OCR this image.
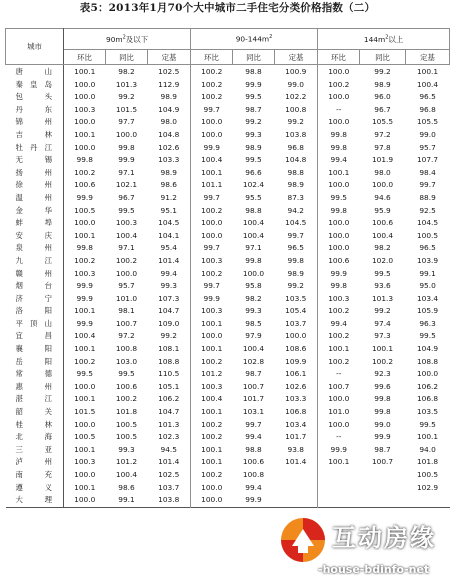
表5：2013年1月70个大中城市二手住宅分类价格指数（二）
城市	$90m^2$及以下			$90-144m^2$			$144m^2$以上		
	环比	同比	定基	环比	同比	定基	环比	同比	定基
唐山	100.1	98.2	102.5	100.2	98.8	100.9	100.0	99.2	100.1
秦皇岛	100.0	101.3	112.9	100.2	99.9	99.0	100.2	98.9	100.4
包头	100.0	99.2	98.9	100.2	99.5	102.2	100.0	96.0	96.5
丹东	100.3	101.5	104.9	99.7	98.7	100.8	--	96.7	96.8
锦州	100.0	97.7	98.0	100.0	99.2	99.2	100.0	105.5	105.5
吉林	100.1	100.0	104.8	100.0	99.3	103.8	99.8	97.2	99.0
牡丹江	100.0	99.8	102.6	99.9	98.9	96.8	99.8	97.8	95.7
无锡	99.8	99.9	103.3	100.4	99.5	104.8	99.4	101.9	107.7
扬州	100.2	97.1	98.9	100.1	96.6	98.8	100.1	98.0	98.4
徐州	100.6	102.1	98.6	101.1	102.4	98.9	100.0	100.0	99.7
温州	99.9	96.7	91.2	99.7	95.5	87.3	99.5	94.6	88.9
金华	100.5	99.5	95.1	100.2	98.8	94.2	99.8	95.9	92.5
蚌埠	100.0	100.3	104.5	100.0	100.4	104.5	100.0	100.6	104.5
安庆	100.1	100.4	104.1	100.0	100.4	99.7	100.0	100.4	100.5
泉州	99.8	97.1	95.4	99.7	97.1	96.5	100.0	98.2	96.5
九江	100.2	100.2	101.4	100.3	99.8	99.8	100.6	102.0	103.9
赣州	100.3	100.0	99.4	100.2	100.0	98.9	99.9	99.5	99.1
烟台	99.9	95.7	99.3	99.7	95.8	99.2	99.8	93.6	95.0
济宁	99.9	101.0	107.3	99.9	98.2	103.5	100.3	101.3	103.4
洛阳	100.1	98.1	104.7	100.3	99.3	105.4	100.2	99.2	105.9
平顶山	99.9	100.7	109.0	100.1	98.5	103.7	99.4	97.4	96.3
宜昌	100.4	97.2	99.2	100.0	97.9	100.0	100.2	97.3	99.5
襄阳	100.1	100.8	108.1	100.1	100.4	108.6	100.1	100.1	104.9
岳阳	100.2	103.0	108.8	100.2	102.8	109.9	100.2	100.2	108.8
常德	99.5	99.5	110.5	101.2	98.7	106.1	--	92.3	100.0
惠州	100.0	100.6	105.1	100.3	100.7	102.6	100.7	99.6	106.2
湛江	100.1	100.2	106.2	100.4	101.7	103.3	100.0	99.8	106.8
韶关	101.5	101.8	104.7	100.1	103.1	106.8	101.0	99.8	103.5
桂林	100.0	100.5	101.3	100.2	99.7	103.4	100.0	99.0	99.5
北海	100.5	100.5	102.3	100.2	99.4	101.7	--	99.9	100.1
三亚	100.1	99.3	94.5	100.1	98.8	93.8	99.9	98.7	94.0
泸州	100.3	101.2	101.4	100.1	100.6	101.4	100.1	100.7	101.8
南充	100.0	100.4	102.5	100.2	100.8				100.5
遵义	100.1	98.6	103.7	100.0	99.4				102.9
大理	100.0	99.1	103.8	100.0	99.9				
互动房缘
-house-bdinfo-net
